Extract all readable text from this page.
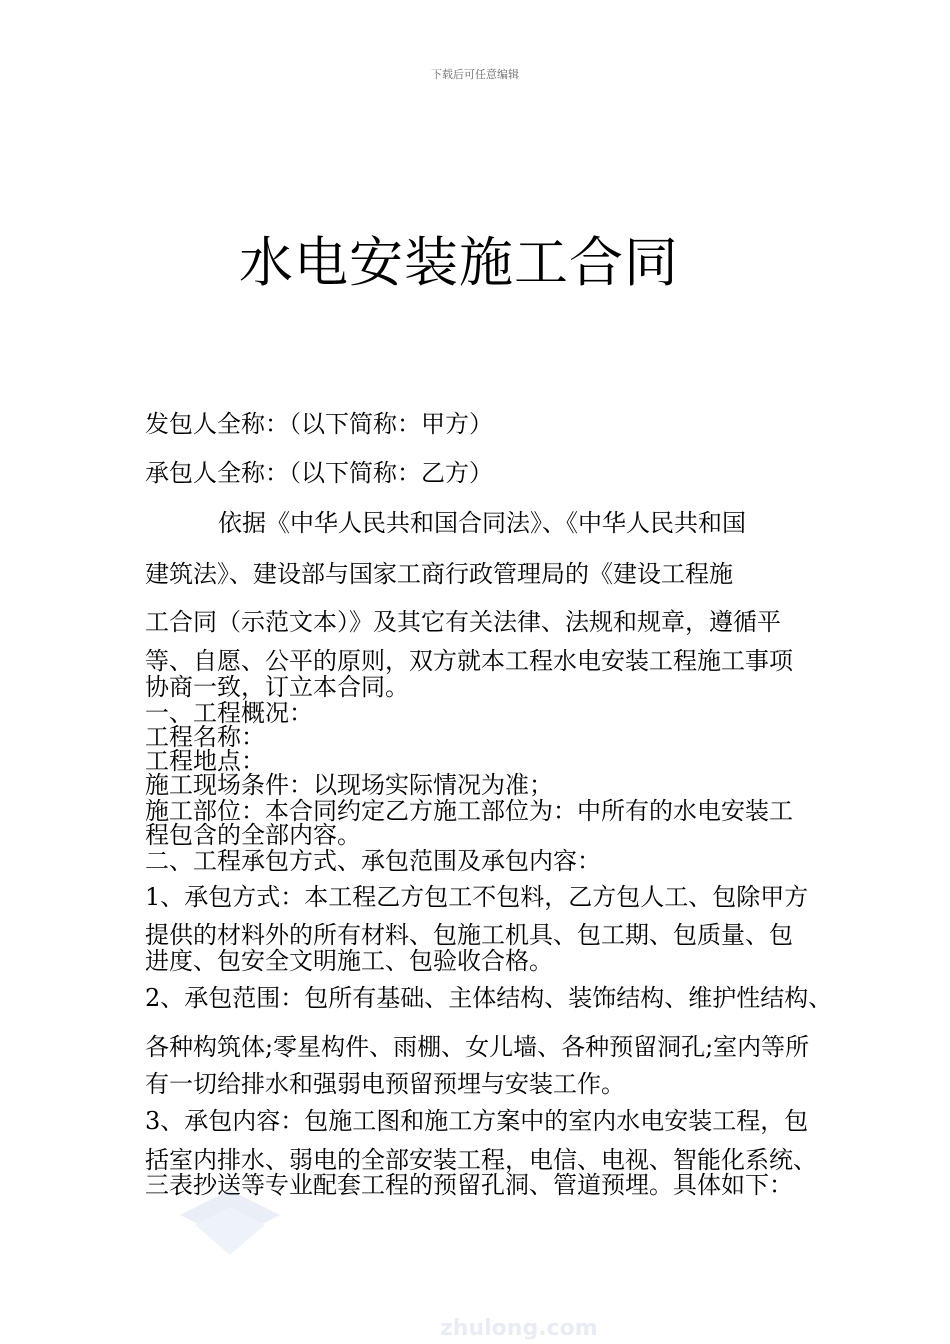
下载后可任意编辑
水电安装施工合同
发包人全称：（以下简称：甲方）
承包人全称：（以下简称：乙方）
依据《中华人民共和国合同法》、《中华人民共和国
建筑法》、建设部与国家工商行政管理局的《建设工程施
工合同（示范文本）》及其它有关法律、法规和规章，遵循平
等、自愿、公平的原则，双方就本工程水电安装工程施工事项
协商一致，订立本合同。
一、工程概况：
工程名称：
工程地点：
施工现场条件：以现场实际情况为准；
施工部位：本合同约定乙方施工部位为：中所有的水电安装工
程包含的全部内容。
二、工程承包方式、承包范围及承包内容：
1、承包方式：本工程乙方包工不包料，乙方包人工、包除甲方
提供的材料外的所有材料、包施工机具、包工期、包质量、包
进度、包安全文明施工、包验收合格。
2、承包范围：包所有基础、主体结构、装饰结构、维护性结构、
各种构筑体;零星构件、雨棚、女儿墙、各种预留洞孔;室内等所
有一切给排水和强弱电预留预埋与安装工作。
3、承包内容：包施工图和施工方案中的室内水电安装工程，包
括室内排水、弱电的全部安装工程，电信、电视、智能化系统、
三表抄送等专业配套工程的预留孔洞、管道预埋。具体如下：
zhulong.com
